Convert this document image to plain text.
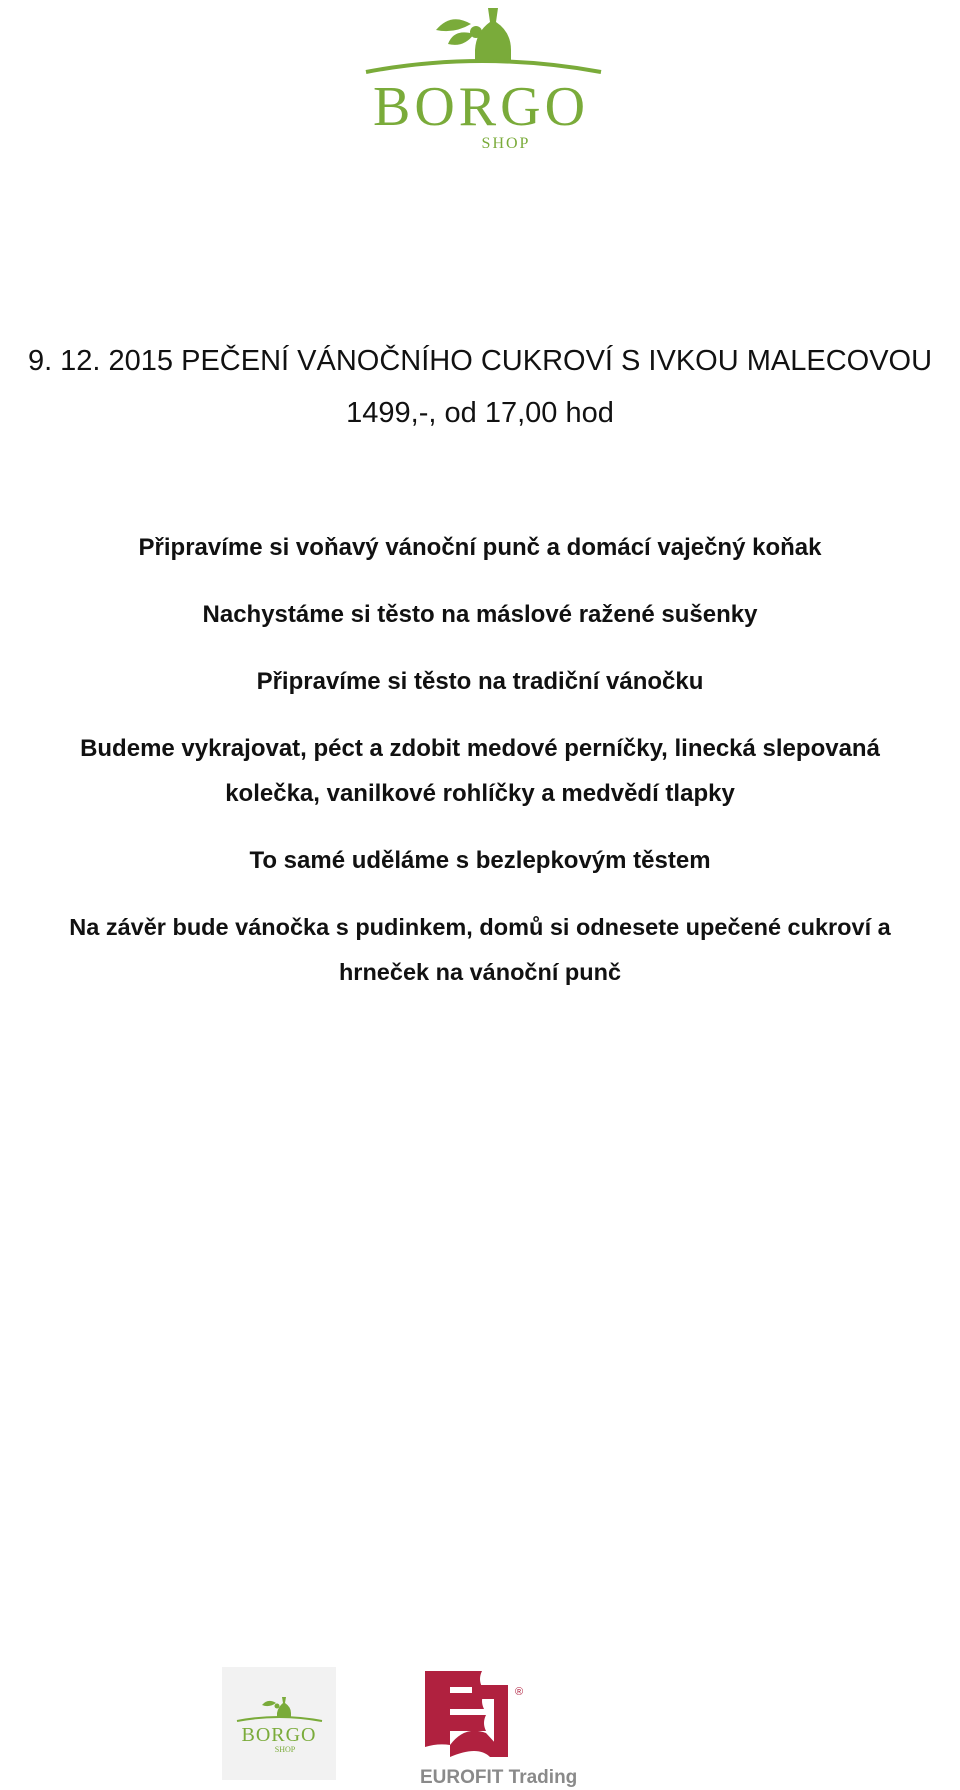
BORGO
SHOP
9. 12. 2015 PEČENÍ VÁNOČNÍHO CUKROVÍ S IVKOU MALECOVOU
1499,-, od 17,00 hod

Připravíme si voňavý vánoční punč a domácí vaječný koňak

Nachystáme si těsto na máslové ražené sušenky

Připravíme si těsto na tradiční vánočku

Budeme vykrajovat, péct a zdobit medové perníčky, linecká slepovaná
kolečka, vanilkové rohlíčky a medvědí tlapky

To samé uděláme s bezlepkovým těstem

Na závěr bude vánočka s pudinkem, domů si odnesete upečené cukroví a
hrneček na vánoční punč

BORGO
SHOP
®
EUROFIT Trading
